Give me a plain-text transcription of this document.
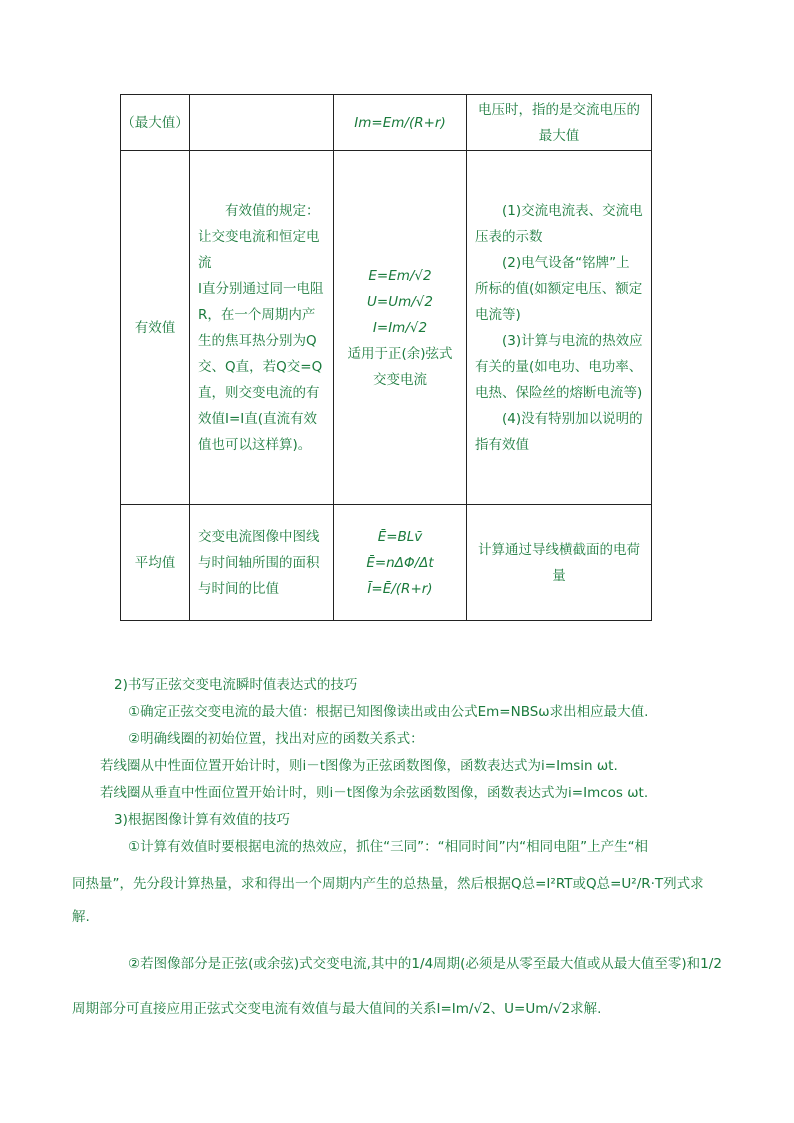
（最大值）		Im=Em/(R+r)	电压时，指的是交流电压的最大值
有效值	有效值的规定：
让交变电流和恒定电流
I直分别通过同一电阻R，在一个周期内产生的焦耳热分别为Q交、Q直，若Q交=Q直，则交变电流的有效值I=I直(直流有效值也可以这样算)。	E=Em/√2
U=Um/√2
I=Im/√2
适用于正(余)弦式交变电流	(1)交流电流表、交流电压表的示数
(2)电气设备“铭牌”上所标的值(如额定电压、额定电流等)
(3)计算与电流的热效应有关的量(如电功、电功率、电热、保险丝的熔断电流等)
(4)没有特别加以说明的指有效值

平均值	交变电流图像中图线与时间轴所围的面积与时间的比值	Ē=BLv̄
Ē=nΔΦ/Δt
Ī=Ē/(R+r)	计算通过导线横截面的电荷量
2)书写正弦交变电流瞬时值表达式的技巧
①确定正弦交变电流的最大值：根据已知图像读出或由公式Em=NBSω求出相应最大值.
②明确线圈的初始位置，找出对应的函数关系式：
若线圈从中性面位置开始计时，则i－t图像为正弦函数图像，函数表达式为i=Imsin ωt.
若线圈从垂直中性面位置开始计时，则i－t图像为余弦函数图像，函数表达式为i=Imcos ωt.
3)根据图像计算有效值的技巧
①计算有效值时要根据电流的热效应，抓住“三同”：“相同时间”内“相同电阻”上产生“相
同热量”，先分段计算热量，求和得出一个周期内产生的总热量，然后根据Q总=I²RT或Q总=U²/R·T列式求
解.
②若图像部分是正弦(或余弦)式交变电流,其中的1/4周期(必须是从零至最大值或从最大值至零)和1/2
周期部分可直接应用正弦式交变电流有效值与最大值间的关系I=Im/√2、U=Um/√2求解.
